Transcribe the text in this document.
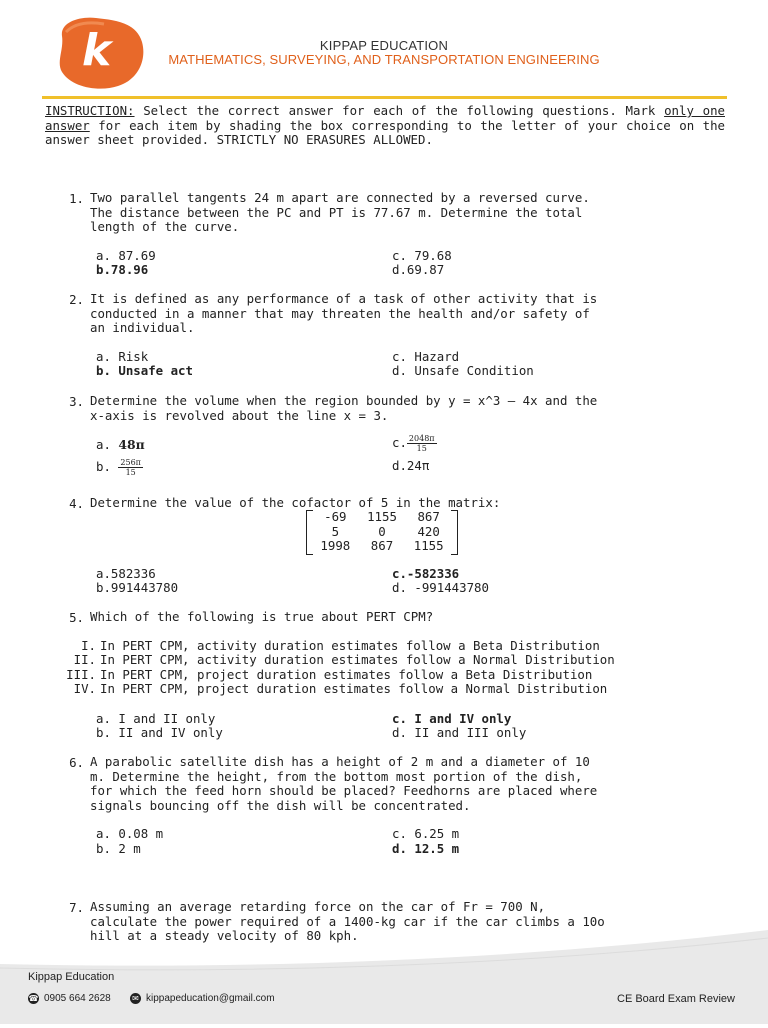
k	KIPPAP EDUCATION
MATHEMATICS, SURVEYING, AND TRANSPORTATION ENGINEERING
INSTRUCTION: Select the correct answer for each of the following questions. Mark only one answer for each item by shading the box corresponding to the letter of your choice on the answer sheet provided. STRICTLY NO ERASURES ALLOWED.
1. Two parallel tangents 24 m apart are connected by a reversed curve.
The distance between the PC and PT is 77.67 m. Determine the total
length of the curve.
a. 87.69
b.78.96
c. 79.68
d.69.87
2. It is defined as any performance of a task of other activity that is
conducted in a manner that may threaten the health and/or safety of
an individual.
a. Risk
b. Unsafe act
c. Hazard
d. Unsafe Condition
3. Determine the volume when the region bounded by y = x^3 – 4x and the
x-axis is revolved about the line x = 3.
a. 48π
b. $\frac{256\pi}{15}$
c. $\frac{2048\pi}{15}$
d.24π
4. Determine the value of the cofactor of 5 in the matrix:
-69	1155	867
5	0	420
1998	867	1155
a.582336
b.991443780
c.-582336
d. -991443780
5. Which of the following is true about PERT CPM?
I. In PERT CPM, activity duration estimates follow a Beta Distribution
II. In PERT CPM, activity duration estimates follow a Normal Distribution
III. In PERT CPM, project duration estimates follow a Beta Distribution
IV. In PERT CPM, project duration estimates follow a Normal Distribution
a. I and II only
b. II and IV only
c. I and IV only
d. II and III only
6. A parabolic satellite dish has a height of 2 m and a diameter of 10
m. Determine the height, from the bottom most portion of the dish,
for which the feed horn should be placed? Feedhorns are placed where
signals bouncing off the dish will be concentrated.
a. 0.08 m
b. 2 m
c. 6.25 m
d. 12.5 m
7. Assuming an average retarding force on the car of Fr = 700 N,
calculate the power required of a 1400-kg car if the car climbs a 10o
hill at a steady velocity of 80 kph.
Kippap Education
☎ 0905 664 2628	✉ kippapeducation@gmail.com	CE Board Exam Review
